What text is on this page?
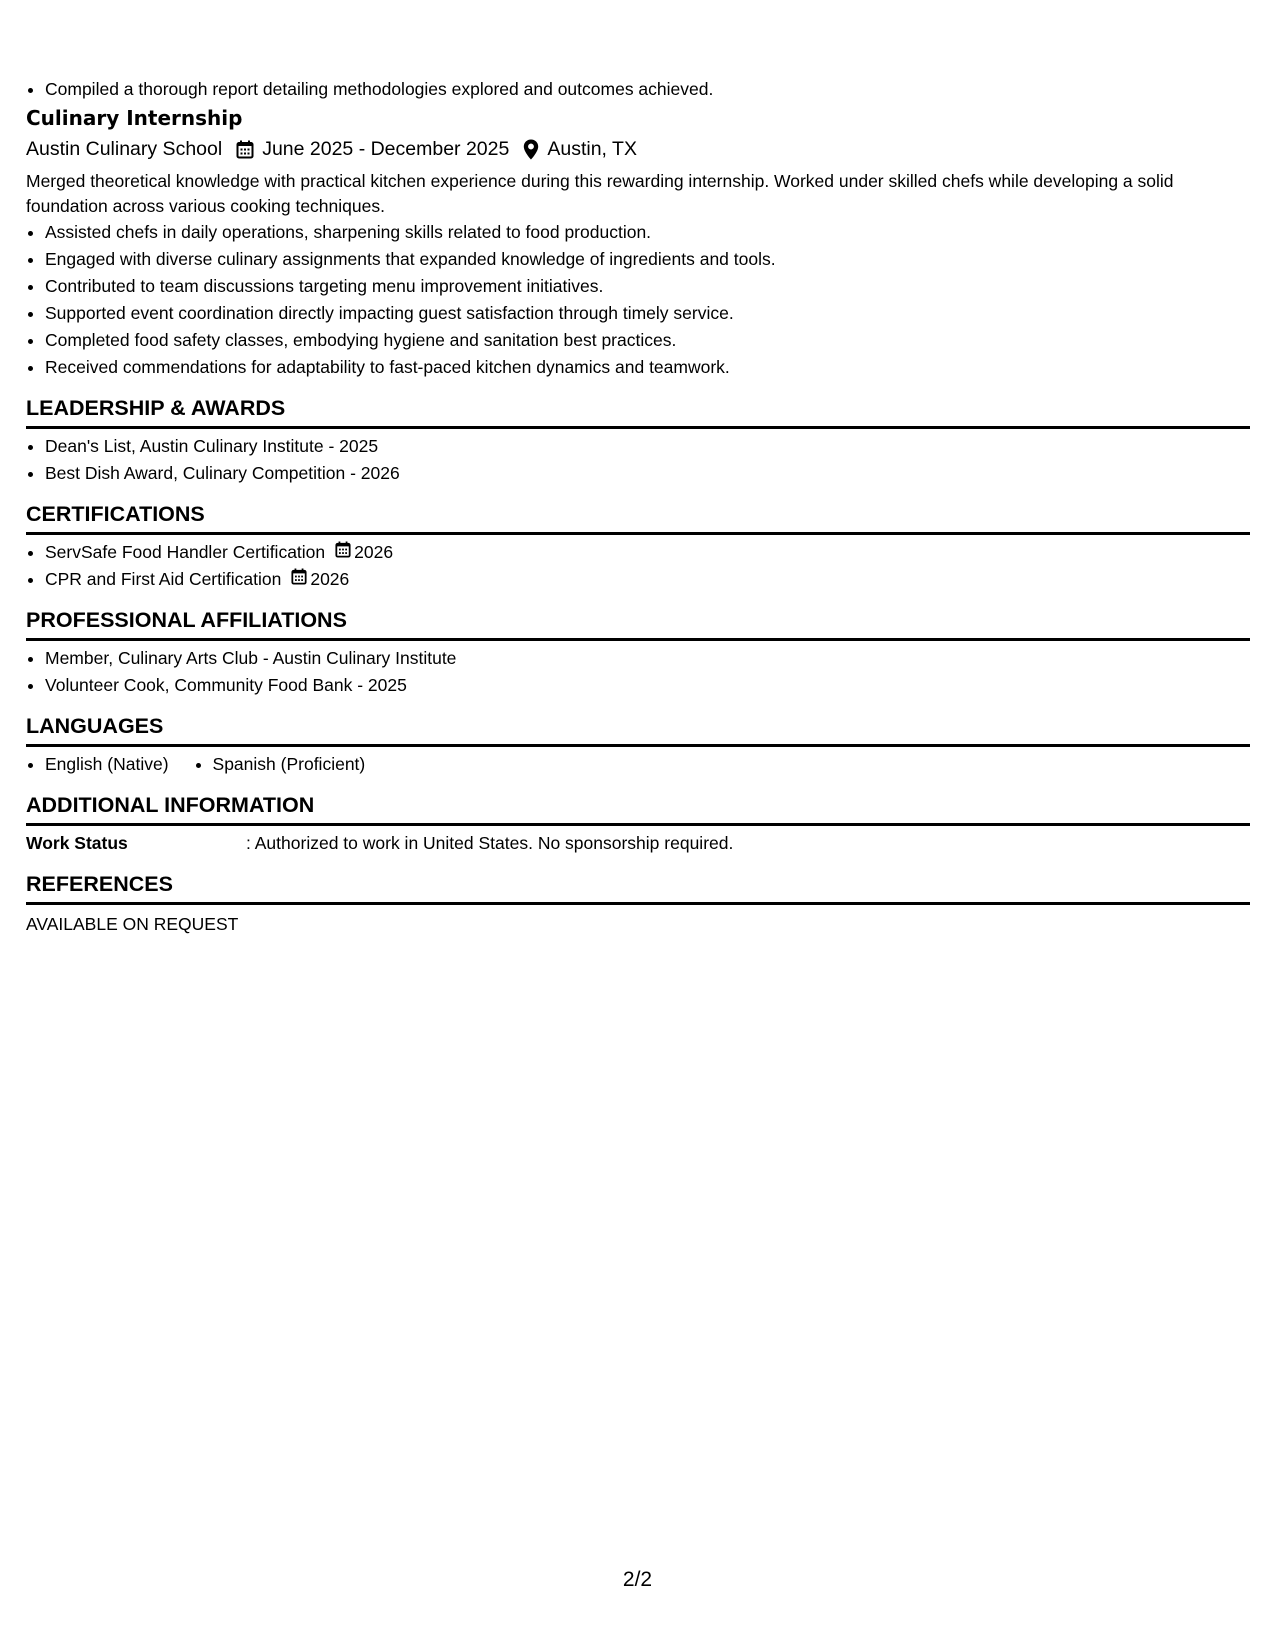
• Compiled a thorough report detailing methodologies explored and outcomes achieved.
Culinary Internship
Austin Culinary School June 2025 - December 2025 Austin, TX

Merged theoretical knowledge with practical kitchen experience during this rewarding internship. Worked under skilled chefs while developing a solid foundation across various cooking techniques.

• Assisted chefs in daily operations, sharpening skills related to food production.
• Engaged with diverse culinary assignments that expanded knowledge of ingredients and tools.
• Contributed to team discussions targeting menu improvement initiatives.
• Supported event coordination directly impacting guest satisfaction through timely service.
• Completed food safety classes, embodying hygiene and sanitation best practices.
• Received commendations for adaptability to fast-paced kitchen dynamics and teamwork.
LEADERSHIP & AWARDS
• Dean's List, Austin Culinary Institute - 2025
• Best Dish Award, Culinary Competition - 2026
CERTIFICATIONS
• ServSafe Food Handler Certification 2026
• CPR and First Aid Certification 2026
PROFESSIONAL AFFILIATIONS
• Member, Culinary Arts Club - Austin Culinary Institute
• Volunteer Cook, Community Food Bank - 2025
LANGUAGES
• English (Native)
•	Spanish (Proficient)
ADDITIONAL INFORMATION
Work Status	: Authorized to work in United States. No sponsorship required.
REFERENCES
AVAILABLE ON REQUEST
2/2
